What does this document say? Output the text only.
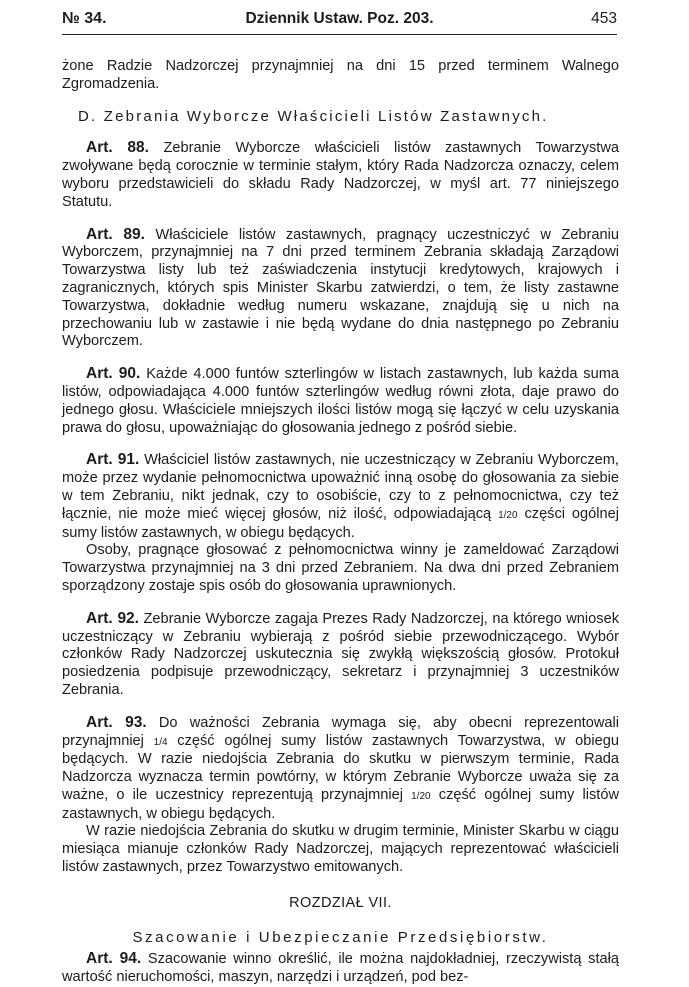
№ 34.	Dziennik Ustaw. Poz. 203.	453

żone Radzie Nadzorczej przynajmniej na dni 15 przed terminem Walnego Zgromadzenia.

D. Zebrania Wyborcze Właścicieli Listów Zastawnych.

Art. 88. Zebranie Wyborcze właścicieli listów zastawnych Towarzystwa zwoływane będą corocznie w terminie stałym, który Rada Nadzorcza oznaczy, celem wyboru przedstawicieli do składu Rady Nadzorczej, w myśl art. 77 niniejszego Statutu.

Art. 89. Właściciele listów zastawnych, pragnący uczestniczyć w Zebraniu Wyborczem, przynajmniej na 7 dni przed terminem Zebrania składają Zarządowi Towarzystwa listy lub też zaświadczenia instytucji kredytowych, krajowych i zagranicznych, których spis Minister Skarbu zatwierdzi, o tem, że listy zastawne Towarzystwa, dokładnie według numeru wskazane, znajdują się u nich na przechowaniu lub w zastawie i nie będą wydane do dnia następnego po Zebraniu Wyborczem.

Art. 90. Każde 4.000 funtów szterlingów w listach zastawnych, lub każda suma listów, odpowiadająca 4.000 funtów szterlingów według równi złota, daje prawo do jednego głosu. Właściciele mniejszych ilości listów mogą się łączyć w celu uzyskania prawa do głosu, upoważniając do głosowania jednego z pośród siebie.

Art. 91. Właściciel listów zastawnych, nie uczestniczący w Zebraniu Wyborczem, może przez wydanie pełnomocnictwa upoważnić inną osobę do głosowania za siebie w tem Zebraniu, nikt jednak, czy to osobiście, czy to z pełnomocnictwa, czy też łącznie, nie może mieć więcej głosów, niż ilość, odpowiadającą 1/20 części ogólnej sumy listów zastawnych, w obiegu będących.

Osoby, pragnące głosować z pełnomocnictwa winny je zameldować Zarządowi Towarzystwa przynajmniej na 3 dni przed Zebraniem. Na dwa dni przed Zebraniem sporządzony zostaje spis osób do głosowania uprawnionych.

Art. 92. Zebranie Wyborcze zagaja Prezes Rady Nadzorczej, na którego wniosek uczestniczący w Zebraniu wybierają z pośród siebie przewodniczącego. Wybór członków Rady Nadzorczej uskutecznia się zwykłą większością głosów. Protokuł posiedzenia podpisuje przewodniczący, sekretarz i przynajmniej 3 uczestników Zebrania.

Art. 93. Do ważności Zebrania wymaga się, aby obecni reprezentowali przynajmniej 1/4 część ogólnej sumy listów zastawnych Towarzystwa, w obiegu będących. W razie niedojścia Zebrania do skutku w pierwszym terminie, Rada Nadzorcza wyznacza termin powtórny, w którym Zebranie Wyborcze uważa się za ważne, o ile uczestnicy reprezentują przynajmniej 1/20 część ogólnej sumy listów zastawnych, w obiegu będących.

W razie niedojścia Zebrania do skutku w drugim terminie, Minister Skarbu w ciągu miesiąca mianuje członków Rady Nadzorczej, mających reprezentować właścicieli listów zastawnych, przez Towarzystwo emitowanych.

ROZDZIAŁ VII.
Szacowanie i Ubezpieczanie Przedsiębiorstw.

Art. 94. Szacowanie winno określić, ile można najdokładniej, rzeczywistą stałą wartość nieruchomości, maszyn, narzędzi i urządzeń, pod bez-
